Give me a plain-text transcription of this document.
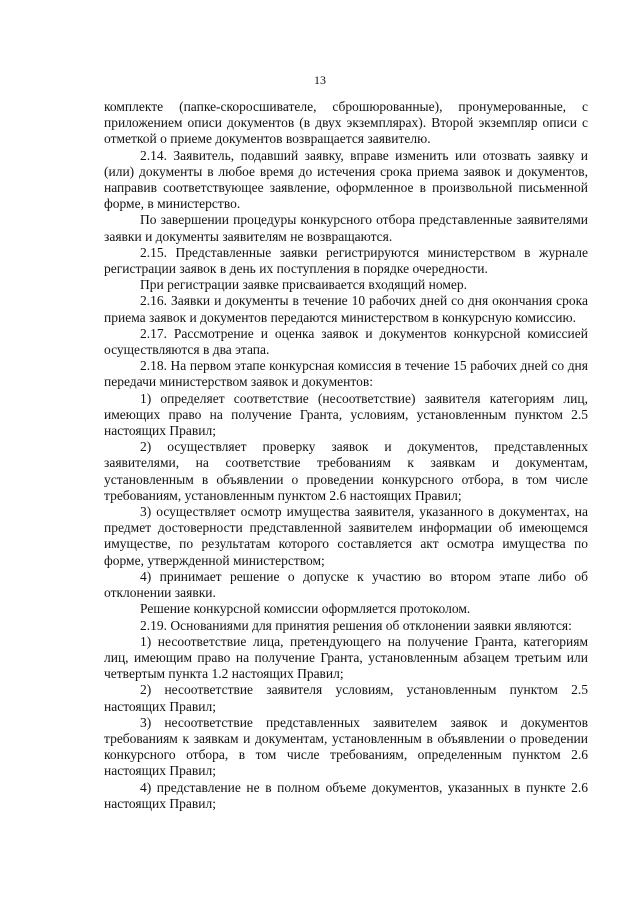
13

комплекте (папке-скоросшивателе, сброшюрованные), пронумерованные, с приложением описи документов (в двух экземплярах). Второй экземпляр описи с отметкой о приеме документов возвращается заявителю.

2.14. Заявитель, подавший заявку, вправе изменить или отозвать заявку и (или) документы в любое время до истечения срока приема заявок и документов, направив соответствующее заявление, оформленное в произвольной письменной форме, в министерство.

По завершении процедуры конкурсного отбора представленные заявителями заявки и документы заявителям не возвращаются.

2.15. Представленные заявки регистрируются министерством в журнале регистрации заявок в день их поступления в порядке очередности.

При регистрации заявке присваивается входящий номер.

2.16. Заявки и документы в течение 10 рабочих дней со дня окончания срока приема заявок и документов передаются министерством в конкурсную комиссию.

2.17. Рассмотрение и оценка заявок и документов конкурсной комиссией осуществляются в два этапа.

2.18. На первом этапе конкурсная комиссия в течение 15 рабочих дней со дня передачи министерством заявок и документов:

1) определяет соответствие (несоответствие) заявителя категориям лиц, имеющих право на получение Гранта, условиям, установленным пунктом 2.5 настоящих Правил;

2) осуществляет проверку заявок и документов, представленных заявителями, на соответствие требованиям к заявкам и документам, установленным в объявлении о проведении конкурсного отбора, в том числе требованиям, установленным пунктом 2.6 настоящих Правил;

3) осуществляет осмотр имущества заявителя, указанного в документах, на предмет достоверности представленной заявителем информации об имеющемся имуществе, по результатам которого составляется акт осмотра имущества по форме, утвержденной министерством;

4) принимает решение о допуске к участию во втором этапе либо об отклонении заявки.

Решение конкурсной комиссии оформляется протоколом.

2.19. Основаниями для принятия решения об отклонении заявки являются:

1) несоответствие лица, претендующего на получение Гранта, категориям лиц, имеющим право на получение Гранта, установленным абзацем третьим или четвертым пункта 1.2 настоящих Правил;

2) несоответствие заявителя условиям, установленным пунктом 2.5 настоящих Правил;

3) несоответствие представленных заявителем заявок и документов требованиям к заявкам и документам, установленным в объявлении о проведении конкурсного отбора, в том числе требованиям, определенным пунктом 2.6 настоящих Правил;

4) представление не в полном объеме документов, указанных в пункте 2.6 настоящих Правил;
